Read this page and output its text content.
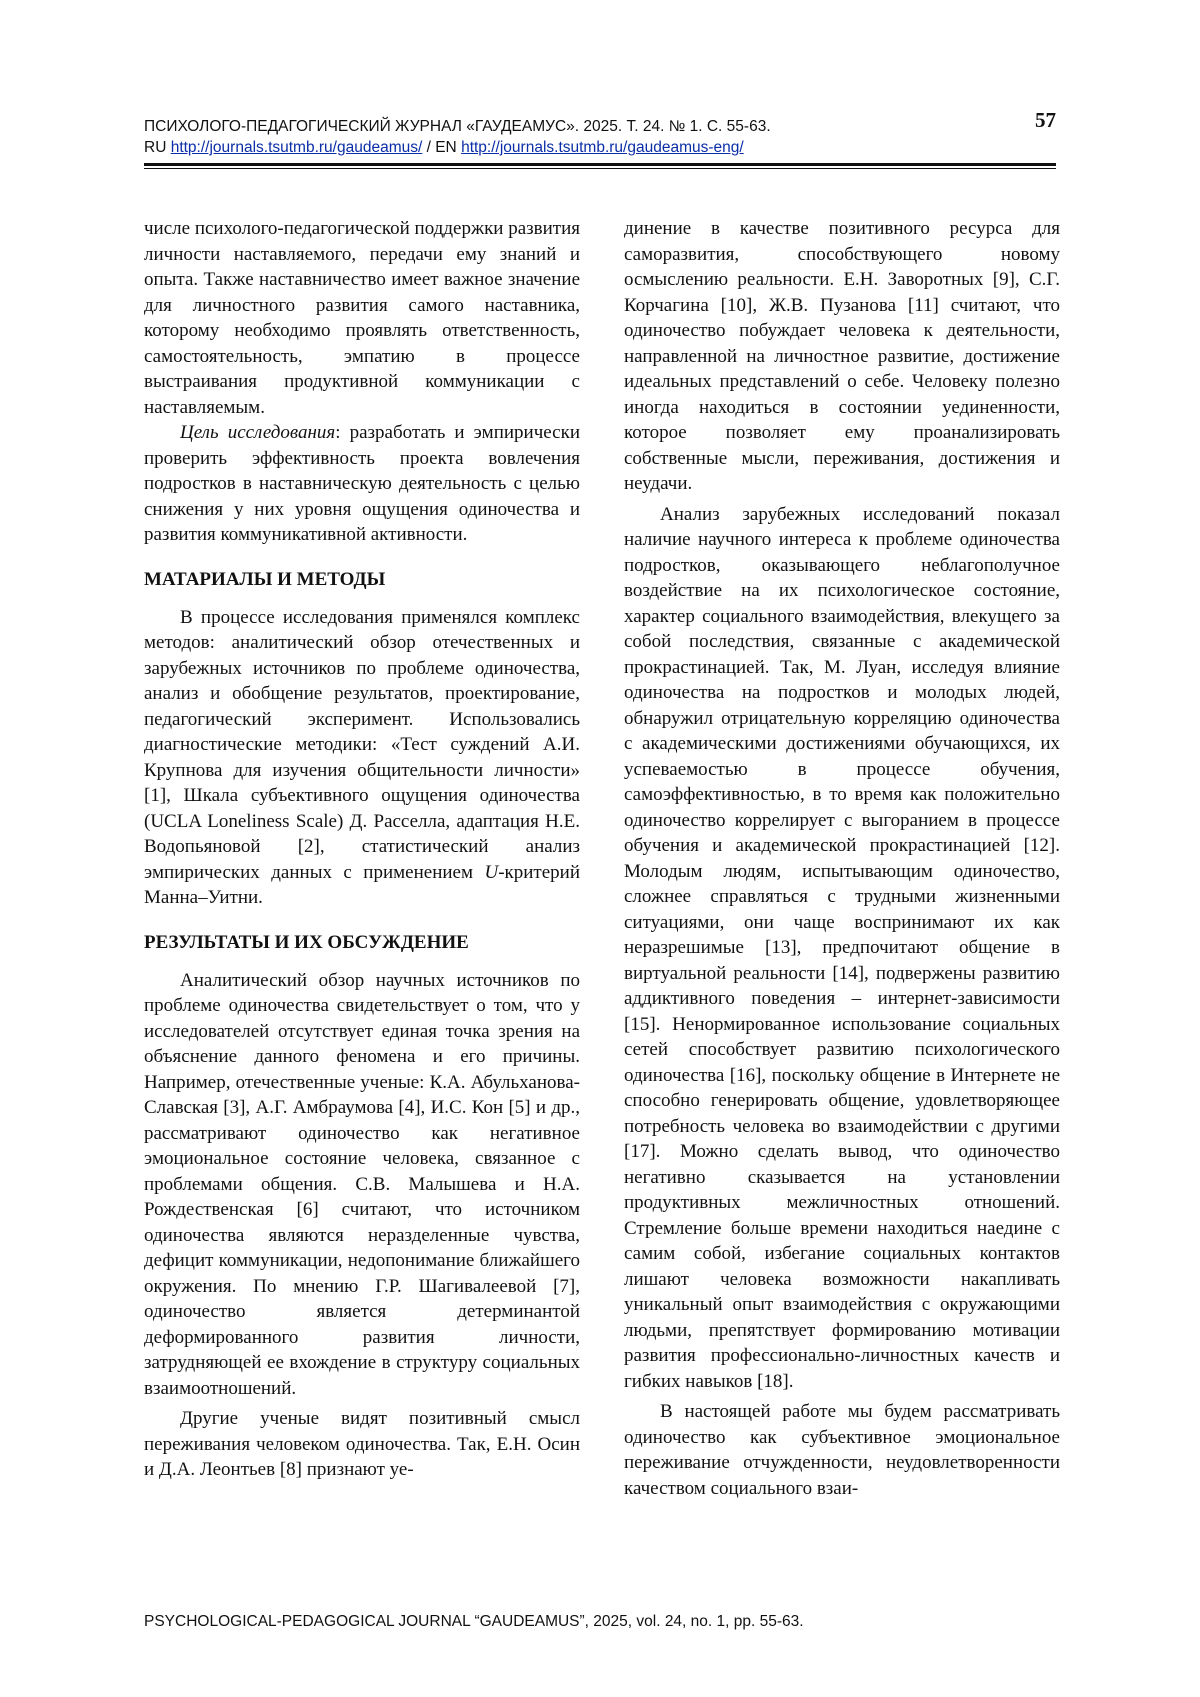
ПСИХОЛОГО-ПЕДАГОГИЧЕСКИЙ ЖУРНАЛ «ГАУДЕАМУС». 2025. Т. 24. № 1. С. 55-63.
RU http://journals.tsutmb.ru/gaudeamus/ / EN http://journals.tsutmb.ru/gaudeamus-eng/
57

числе психолого-педагогической поддержки развития личности наставляемого, передачи ему знаний и опыта. Также наставничество имеет важное значение для личностного развития самого наставника, которому необходимо проявлять ответственность, самостоятельность, эмпатию в процессе выстраивания продуктивной коммуникации с наставляемым.

Цель исследования: разработать и эмпирически проверить эффективность проекта вовлечения подростков в наставническую деятельность с целью снижения у них уровня ощущения одиночества и развития коммуникативной активности.

МАТАРИАЛЫ И МЕТОДЫ

В процессе исследования применялся комплекс методов: аналитический обзор отечественных и зарубежных источников по проблеме одиночества, анализ и обобщение результатов, проектирование, педагогический эксперимент. Использовались диагностические методики: «Тест суждений А.И. Крупнова для изучения общительности личности» [1], Шкала субъективного ощущения одиночества (UCLA Loneliness Scale) Д. Расселла, адаптация Н.Е. Водопьяновой [2], статистический анализ эмпирических данных с применением U-критерий Манна–Уитни.

РЕЗУЛЬТАТЫ И ИХ ОБСУЖДЕНИЕ

Аналитический обзор научных источников по проблеме одиночества свидетельствует о том, что у исследователей отсутствует единая точка зрения на объяснение данного феномена и его причины. Например, отечественные ученые: К.А. Абульханова-Славская [3], А.Г. Амбраумова [4], И.С. Кон [5] и др., рассматривают одиночество как негативное эмоциональное состояние человека, связанное с проблемами общения. С.В. Малышева и Н.А. Рождественская [6] считают, что источником одиночества являются неразделенные чувства, дефицит коммуникации, недопонимание ближайшего окружения. По мнению Г.Р. Шагивалеевой [7], одиночество является детерминантой деформированного развития личности, затрудняющей ее вхождение в структуру социальных взаимоотношений.

Другие ученые видят позитивный смысл переживания человеком одиночества. Так, Е.Н. Осин и Д.А. Леонтьев [8] признают уе-

динение в качестве позитивного ресурса для саморазвития, способствующего новому осмыслению реальности. Е.Н. Заворотных [9], С.Г. Корчагина [10], Ж.В. Пузанова [11] считают, что одиночество побуждает человека к деятельности, направленной на личностное развитие, достижение идеальных представлений о себе. Человеку полезно иногда находиться в состоянии уединенности, которое позволяет ему проанализировать собственные мысли, переживания, достижения и неудачи.

Анализ зарубежных исследований показал наличие научного интереса к проблеме одиночества подростков, оказывающего неблагополучное воздействие на их психологическое состояние, характер социального взаимодействия, влекущего за собой последствия, связанные с академической прокрастинацией. Так, М. Луан, исследуя влияние одиночества на подростков и молодых людей, обнаружил отрицательную корреляцию одиночества с академическими достижениями обучающихся, их успеваемостью в процессе обучения, самоэффективностью, в то время как положительно одиночество коррелирует с выгоранием в процессе обучения и академической прокрастинацией [12]. Молодым людям, испытывающим одиночество, сложнее справляться с трудными жизненными ситуациями, они чаще воспринимают их как неразрешимые [13], предпочитают общение в виртуальной реальности [14], подвержены развитию аддиктивного поведения – интернет-зависимости [15]. Ненормированное использование социальных сетей способствует развитию психологического одиночества [16], поскольку общение в Интернете не способно генерировать общение, удовлетворяющее потребность человека во взаимодействии с другими [17]. Можно сделать вывод, что одиночество негативно сказывается на установлении продуктивных межличностных отношений. Стремление больше времени находиться наедине с самим собой, избегание социальных контактов лишают человека возможности накапливать уникальный опыт взаимодействия с окружающими людьми, препятствует формированию мотивации развития профессионально-личностных качеств и гибких навыков [18].

В настоящей работе мы будем рассматривать одиночество как субъективное эмоциональное переживание отчужденности, неудовлетворенности качеством социального взаи-

PSYCHOLOGICAL-PEDAGOGICAL JOURNAL “GAUDEAMUS”, 2025, vol. 24, no. 1, pp. 55-63.
